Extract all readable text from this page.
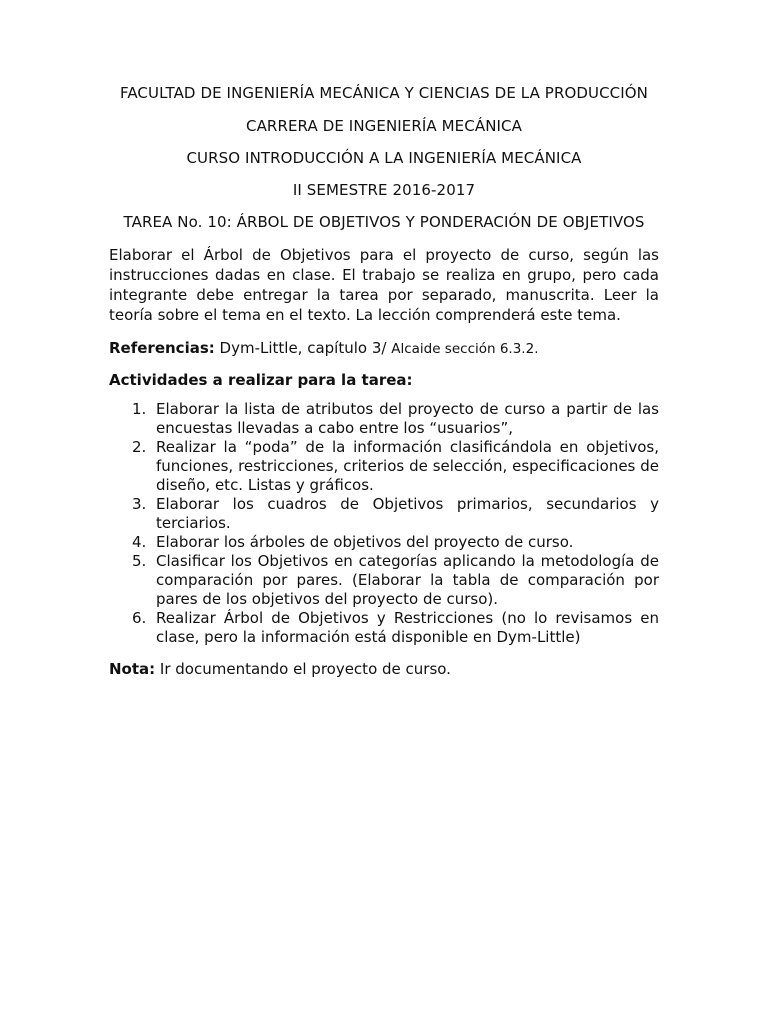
FACULTAD DE INGENIERÍA MECÁNICA Y CIENCIAS DE LA PRODUCCIÓN

CARRERA DE INGENIERÍA MECÁNICA

CURSO INTRODUCCIÓN A LA INGENIERÍA MECÁNICA

II SEMESTRE 2016-2017

TAREA No. 10: ÁRBOL DE OBJETIVOS Y PONDERACIÓN DE OBJETIVOS

Elaborar el Árbol de Objetivos para el proyecto de curso, según las instrucciones dadas en clase. El trabajo se realiza en grupo, pero cada integrante debe entregar la tarea por separado, manuscrita. Leer la teoría sobre el tema en el texto. La lección comprenderá este tema.

Referencias: Dym-Little, capítulo 3/ Alcaide sección 6.3.2.

Actividades a realizar para la tarea:

1. Elaborar la lista de atributos del proyecto de curso a partir de las encuestas llevadas a cabo entre los “usuarios”,
2. Realizar la “poda” de la información clasificándola en objetivos, funciones, restricciones, criterios de selección, especificaciones de diseño, etc. Listas y gráficos.
3. Elaborar los cuadros de Objetivos primarios, secundarios y terciarios.
4. Elaborar los árboles de objetivos del proyecto de curso.
5. Clasificar los Objetivos en categorías aplicando la metodología de comparación por pares. (Elaborar la tabla de comparación por pares de los objetivos del proyecto de curso).
6. Realizar Árbol de Objetivos y Restricciones (no lo revisamos en clase, pero la información está disponible en Dym-Little)

Nota: Ir documentando el proyecto de curso.
